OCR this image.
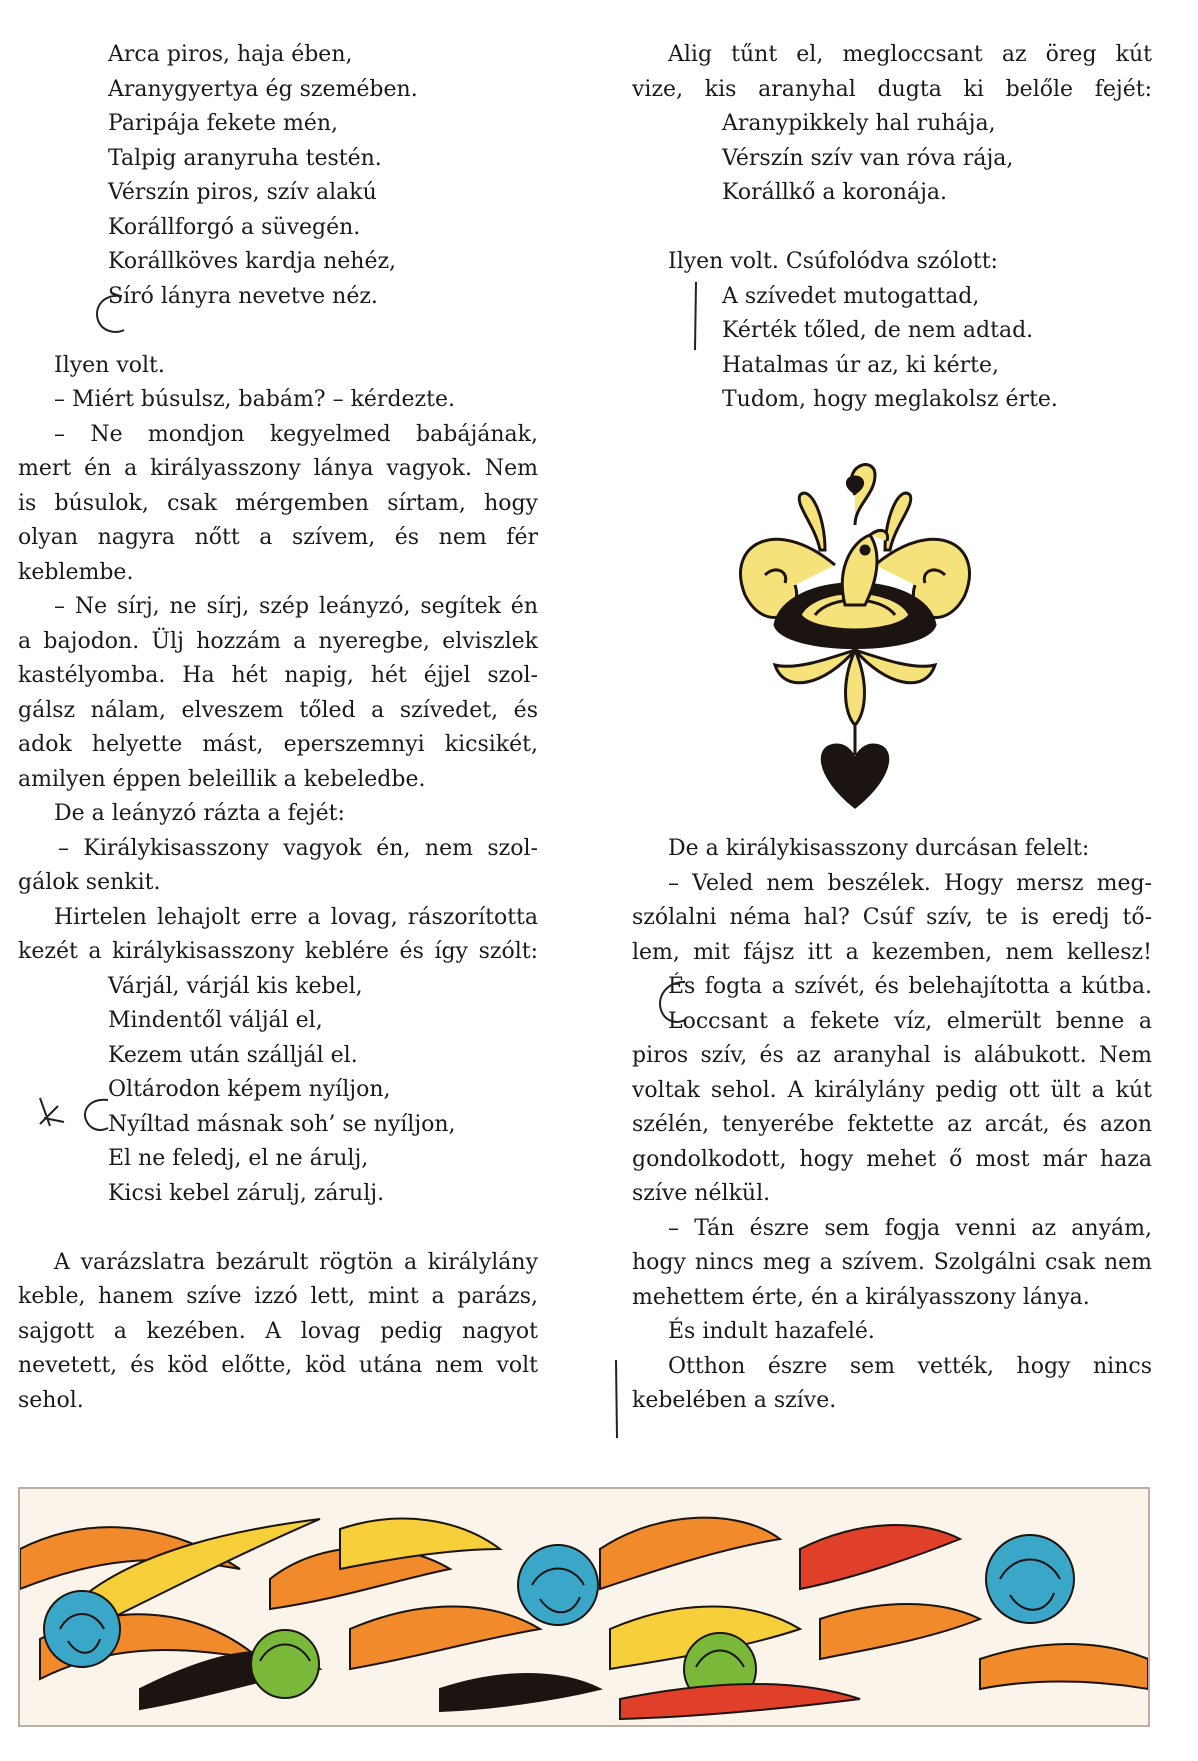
Arca piros, haja ében,
Aranygyertya ég szemében.
Paripája fekete mén,
Talpig aranyruha testén.
Vérszín piros, szív alakú
Korállforgó a süvegén.
Korállköves kardja nehéz,
Síró lányra nevetve néz.
Ilyen volt.
– Miért búsulsz, babám? – kérdezte.
– Ne mondjon kegyelmed babájának,
mert én a királyasszony lánya vagyok. Nem
is búsulok, csak mérgemben sírtam, hogy
olyan nagyra nőtt a szívem, és nem fér
keblembe.
– Ne sírj, ne sírj, szép leányzó, segítek én
a bajodon. Ülj hozzám a nyeregbe, elviszlek
kastélyomba. Ha hét napig, hét éjjel szol-
gálsz nálam, elveszem tőled a szívedet, és
adok helyette mást, eperszemnyi kicsikét,
amilyen éppen beleillik a kebeledbe.
De a leányzó rázta a fejét:
– Királykisasszony vagyok én, nem szol-
gálok senkit.
Hirtelen lehajolt erre a lovag, rászorította
kezét a királykisasszony keblére és így szólt:
Várjál, várjál kis kebel,
Mindentől váljál el,
Kezem után szálljál el.
Oltárodon képem nyíljon,
Nyíltad másnak soh’ se nyíljon,
El ne feledj, el ne árulj,
Kicsi kebel zárulj, zárulj.
A varázslatra bezárult rögtön a királylány
keble, hanem szíve izzó lett, mint a parázs,
sajgott a kezében. A lovag pedig nagyot
nevetett, és köd előtte, köd utána nem volt
sehol.
Alig tűnt el, megloccsant az öreg kút
vize, kis aranyhal dugta ki belőle fejét:
Aranypikkely hal ruhája,
Vérszín szív van róva rája,
Korállkő a koronája.
Ilyen volt. Csúfolódva szólott:
A szívedet mutogattad,
Kérték tőled, de nem adtad.
Hatalmas úr az, ki kérte,
Tudom, hogy meglakolsz érte.
De a királykisasszony durcásan felelt:
– Veled nem beszélek. Hogy mersz meg-
szólalni néma hal? Csúf szív, te is eredj tő-
lem, mit fájsz itt a kezemben, nem kellesz!
És fogta a szívét, és belehajította a kútba.
Loccsant a fekete víz, elmerült benne a
piros szív, és az aranyhal is alábukott. Nem
voltak sehol. A királylány pedig ott ült a kút
szélén, tenyerébe fektette az arcát, és azon
gondolkodott, hogy mehet ő most már haza
szíve nélkül.
– Tán észre sem fogja venni az anyám,
hogy nincs meg a szívem. Szolgálni csak nem
mehettem érte, én a királyasszony lánya.
És indult hazafelé.
Otthon észre sem vették, hogy nincs
kebelében a szíve.
